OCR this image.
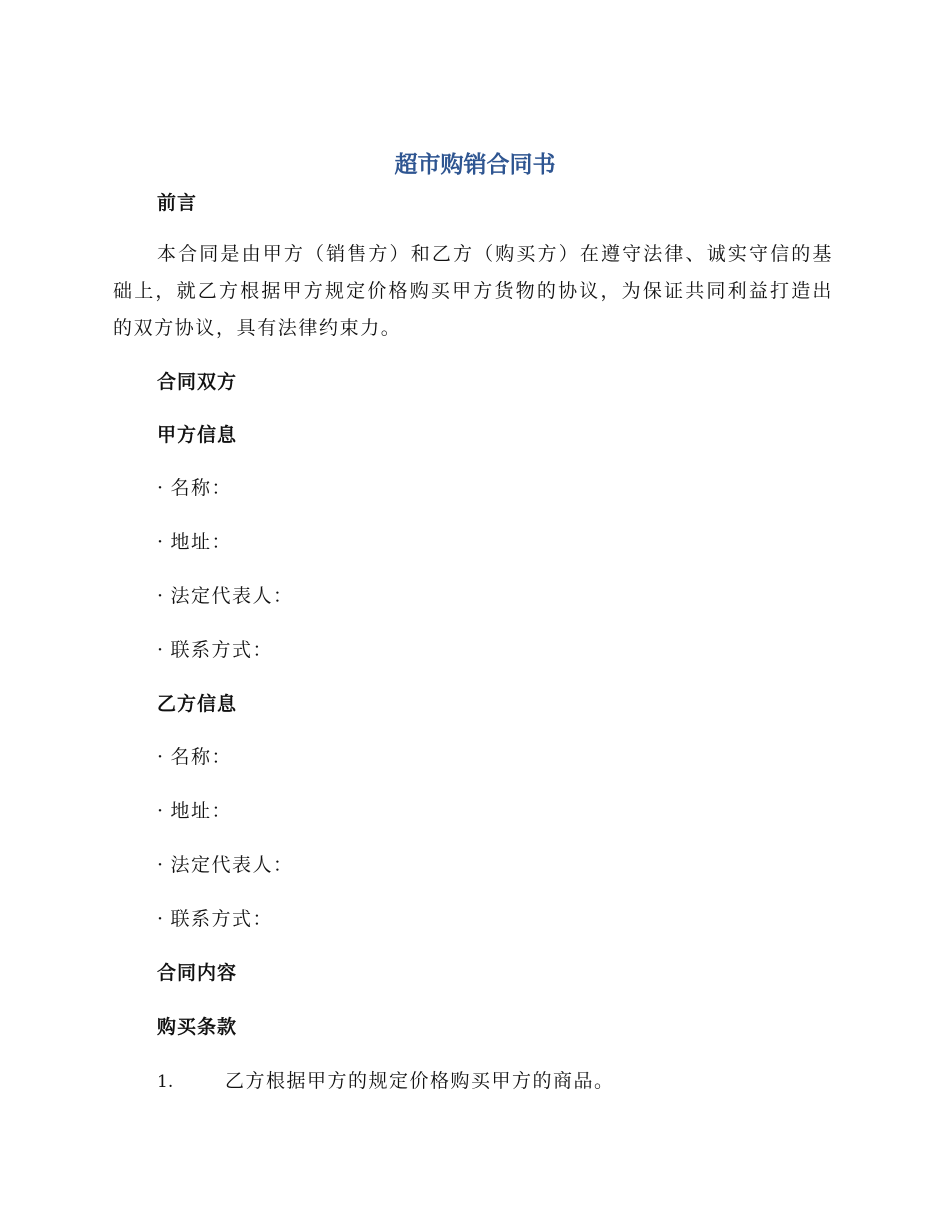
超市购销合同书
前言
本合同是由甲方（销售方）和乙方（购买方）在遵守法律、诚实守信的基础上，就乙方根据甲方规定价格购买甲方货物的协议，为保证共同利益打造出的双方协议，具有法律约束力。
合同双方
甲方信息
· 名称：
· 地址：
· 法定代表人：
· 联系方式：
乙方信息
· 名称：
· 地址：
· 法定代表人：
· 联系方式：
合同内容
购买条款
1.	乙方根据甲方的规定价格购买甲方的商品。
